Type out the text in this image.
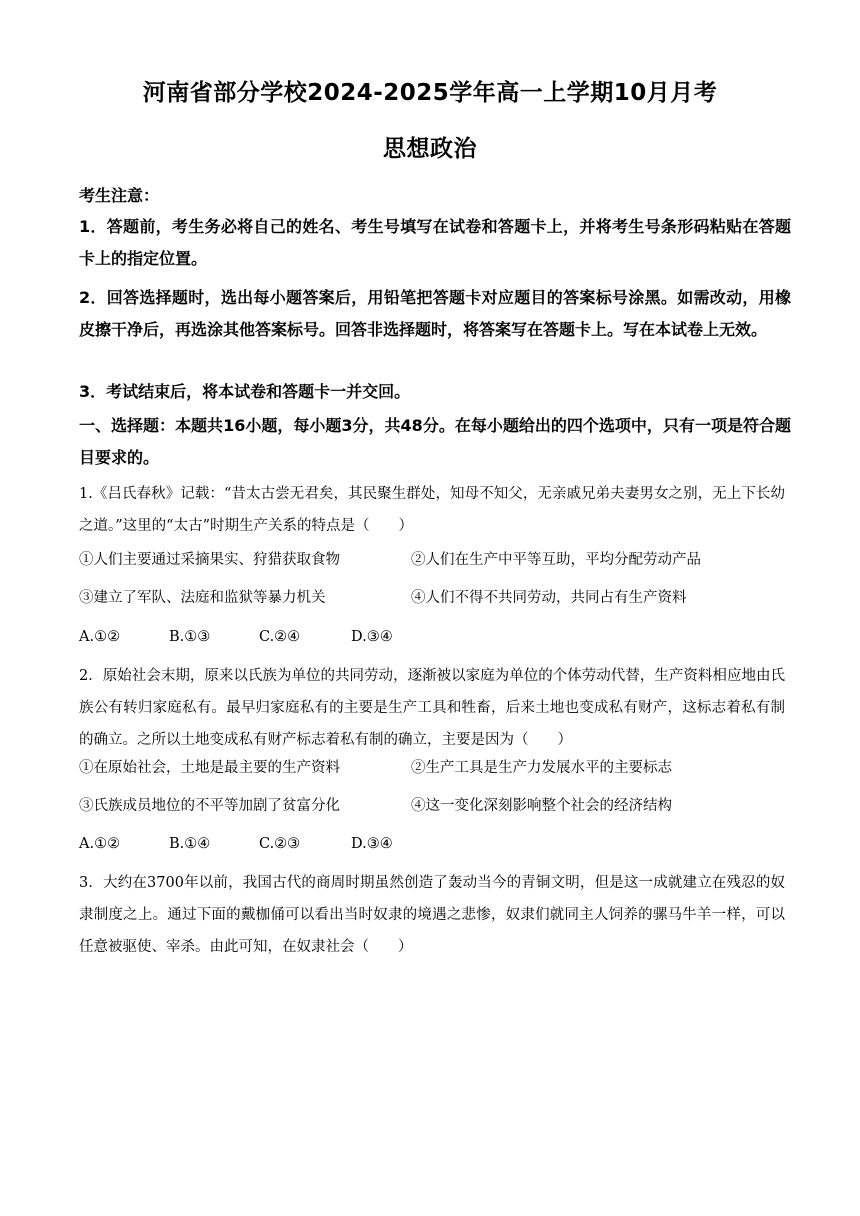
河南省部分学校2024-2025学年高一上学期10月月考
思想政治
考生注意：
1．答题前，考生务必将自己的姓名、考生号填写在试卷和答题卡上，并将考生号条形码粘贴在答题卡上的指定位置。
2．回答选择题时，选出每小题答案后，用铅笔把答题卡对应题目的答案标号涂黑。如需改动，用橡皮擦干净后，再选涂其他答案标号。回答非选择题时，将答案写在答题卡上。写在本试卷上无效。
3．考试结束后，将本试卷和答题卡一并交回。
一、选择题：本题共16小题，每小题3分，共48分。在每小题给出的四个选项中，只有一项是符合题目要求的。
1.《吕氏春秋》记载：“昔太古尝无君矣，其民聚生群处，知母不知父，无亲戚兄弟夫妻男女之别，无上下长幼之道。”这里的“太古”时期生产关系的特点是（　　）
①人们主要通过采摘果实、狩猎获取食物	②人们在生产中平等互助，平均分配劳动产品
③建立了军队、法庭和监狱等暴力机关	④人们不得不共同劳动，共同占有生产资料
A.①②	B.①③	C.②④	D.③④
2．原始社会末期，原来以氏族为单位的共同劳动，逐渐被以家庭为单位的个体劳动代替，生产资料相应地由氏族公有转归家庭私有。最早归家庭私有的主要是生产工具和牲畜，后来土地也变成私有财产，这标志着私有制的确立。之所以土地变成私有财产标志着私有制的确立，主要是因为（　　）
①在原始社会，土地是最主要的生产资料	②生产工具是生产力发展水平的主要标志
③氏族成员地位的不平等加剧了贫富分化	④这一变化深刻影响整个社会的经济结构
A.①②	B.①④	C.②③	D.③④
3．大约在3700年以前，我国古代的商周时期虽然创造了轰动当今的青铜文明，但是这一成就建立在残忍的奴隶制度之上。通过下面的戴枷俑可以看出当时奴隶的境遇之悲惨，奴隶们就同主人饲养的骡马牛羊一样，可以任意被驱使、宰杀。由此可知，在奴隶社会（　　）
